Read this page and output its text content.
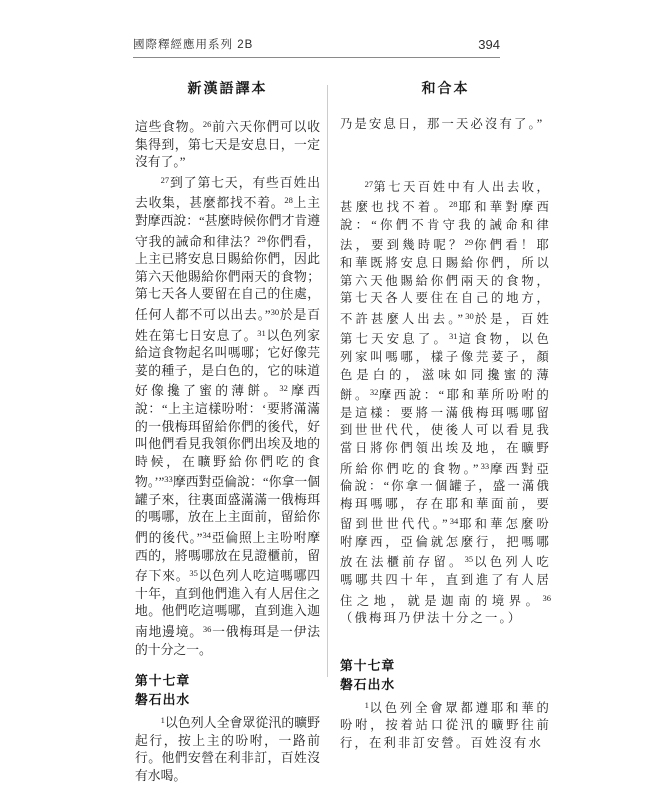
國際釋經應用系列 2B	394
新漢語譯本

這些食物。$^{26}$前六天你們可以收集得到，第七天是安息日，一定沒有了。”

$^{27}$到了第七天，有些百姓出去收集，甚麼都找不着。$^{28}$上主對摩西說：“甚麼時候你們才肯遵守我的誡命和律法？$^{29}$你們看，上主已將安息日賜給你們，因此第六天他賜給你們兩天的食物；第七天各人要留在自己的住處，任何人都不可以出去。”$^{30}$於是百姓在第七日安息了。$^{31}$以色列家給這食物起名叫嗎哪；它好像芫荽的種子，是白色的，它的味道好像攙了蜜的薄餅。$^{32}$摩西說：“上主這樣吩咐：‘要將滿滿的一俄梅珥留給你們的後代，好叫他們看見我領你們出埃及地的時候，在曠野給你們吃的食物。’”$^{33}$摩西對亞倫說：“你拿一個罐子來，往裏面盛滿滿一俄梅珥的嗎哪，放在上主面前，留給你們的後代。”$^{34}$亞倫照上主吩咐摩西的，將嗎哪放在見證櫃前，留存下來。$^{35}$以色列人吃這嗎哪四十年，直到他們進入有人居住之地。他們吃這嗎哪，直到進入迦南地邊境。$^{36}$一俄梅珥是一伊法的十分之一。

第十七章
磐石出水

$^1$以色列人全會眾從汛的曠野起行，按上主的吩咐，一路前行。他們安營在利非訂，百姓沒有水喝。

和合本

乃是安息日，那一天必沒有了。”

$^{27}$第七天百姓中有人出去收，甚麼也找不着。$^{28}$耶和華對摩西說：“你們不肯守我的誡命和律法，要到幾時呢？$^{29}$你們看！耶和華既將安息日賜給你們，所以第六天他賜給你們兩天的食物，第七天各人要住在自己的地方，不許甚麼人出去。”$^{30}$於是，百姓第七天安息了。$^{31}$這食物，以色列家叫嗎哪，樣子像芫荽子，顏色是白的，滋味如同攙蜜的薄餅。$^{32}$摩西說：“耶和華所吩咐的是這樣：要將一滿俄梅珥嗎哪留到世世代代，使後人可以看見我當日將你們領出埃及地，在曠野所給你們吃的食物。”$^{33}$摩西對亞倫說：“你拿一個罐子，盛一滿俄梅珥嗎哪，存在耶和華面前，要留到世世代代。”$^{34}$耶和華怎麼吩咐摩西，亞倫就怎麼行，把嗎哪放在法櫃前存留。$^{35}$以色列人吃嗎哪共四十年，直到進了有人居住之地，就是迦南的境界。$^{36}$（俄梅珥乃伊法十分之一。）

第十七章
磐石出水

$^1$以色列全會眾都遵耶和華的吩咐，按着站口從汛的曠野往前行，在利非訂安營。百姓沒有水
